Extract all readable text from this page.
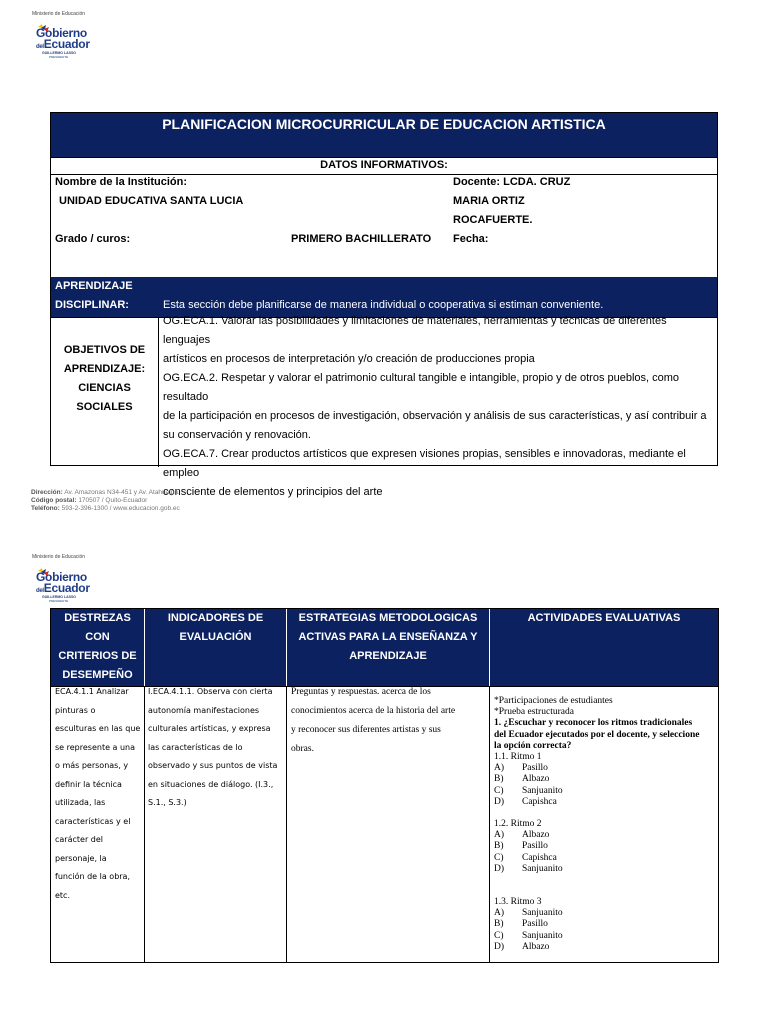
Ministerio de Educación
Gobierno
delEcuador
GUILLERMO LASSO
PRESIDENTE
PLANIFICACION MICROCURRICULAR DE EDUCACION ARTISTICA
DATOS INFORMATIVOS:
Nombre de la Institución:
UNIDAD EDUCATIVA SANTA LUCIA
Docente: LCDA. CRUZ
MARIA ORTIZ
ROCAFUERTE.
Grado / curos:	PRIMERO BACHILLERATO Fecha:
APRENDIZAJE
DISCIPLINAR:	Esta sección debe planificarse de manera individual o cooperativa si estiman conveniente.
OBJETIVOS DE
APRENDIZAJE:
CIENCIAS
SOCIALES
OG.ECA.1. Valorar las posibilidades y limitaciones de materiales, herramientas y técnicas de diferentes lenguajes
artísticos en procesos de interpretación y/o creación de producciones propia
OG.ECA.2. Respetar y valorar el patrimonio cultural tangible e intangible, propio y de otros pueblos, como resultado
de la participación en procesos de investigación, observación y análisis de sus características, y así contribuir a
su conservación y renovación.
OG.ECA.7. Crear productos artísticos que expresen visiones propias, sensibles e innovadoras, mediante el empleo
consciente de elementos y principios del arte
Dirección: Av. Amazonas N34-451 y Av. Atahualpa.
Código postal: 170507 / Quito-Ecuador
Teléfono: 593-2-396-1300 / www.educacion.gob.ec
Ministerio de Educación
Gobierno
delEcuador
GUILLERMO LASSO
PRESIDENTE
DESTREZAS
CON
CRITERIOS DE
DESEMPEÑO
INDICADORES DE
EVALUACIÓN
ESTRATEGIAS METODOLOGICAS
ACTIVAS PARA LA ENSEÑANZA Y
APRENDIZAJE
ACTIVIDADES EVALUATIVAS
ECA.4.1.1 Analizar
pinturas o
esculturas en las que
se represente a una
o más personas, y
definir la técnica
utilizada, las
características y el
carácter del
personaje, la
función de la obra,
etc.
I.ECA.4.1.1. Observa con cierta
autonomía manifestaciones
culturales artísticas, y expresa
las características de lo
observado y sus puntos de vista
en situaciones de diálogo. (I.3.,
S.1., S.3.)
Preguntas y respuestas. acerca de los
conocimientos acerca de la historia del arte
y reconocer sus diferentes artistas y sus
obras.
*Participaciones de estudiantes
*Prueba estructurada
1. ¿Escuchar y reconocer los ritmos tradicionales
del Ecuador ejecutados por el docente, y seleccione
la opción correcta?
1.1. Ritmo 1
A) Pasillo
B) Albazo
C) Sanjuanito
D) Capishca
1.2. Ritmo 2
A) Albazo
B) Pasillo
C) Capishca
D) Sanjuanito
1.3. Ritmo 3
A) Sanjuanito
B) Pasillo
C) Sanjuanito
D) Albazo
